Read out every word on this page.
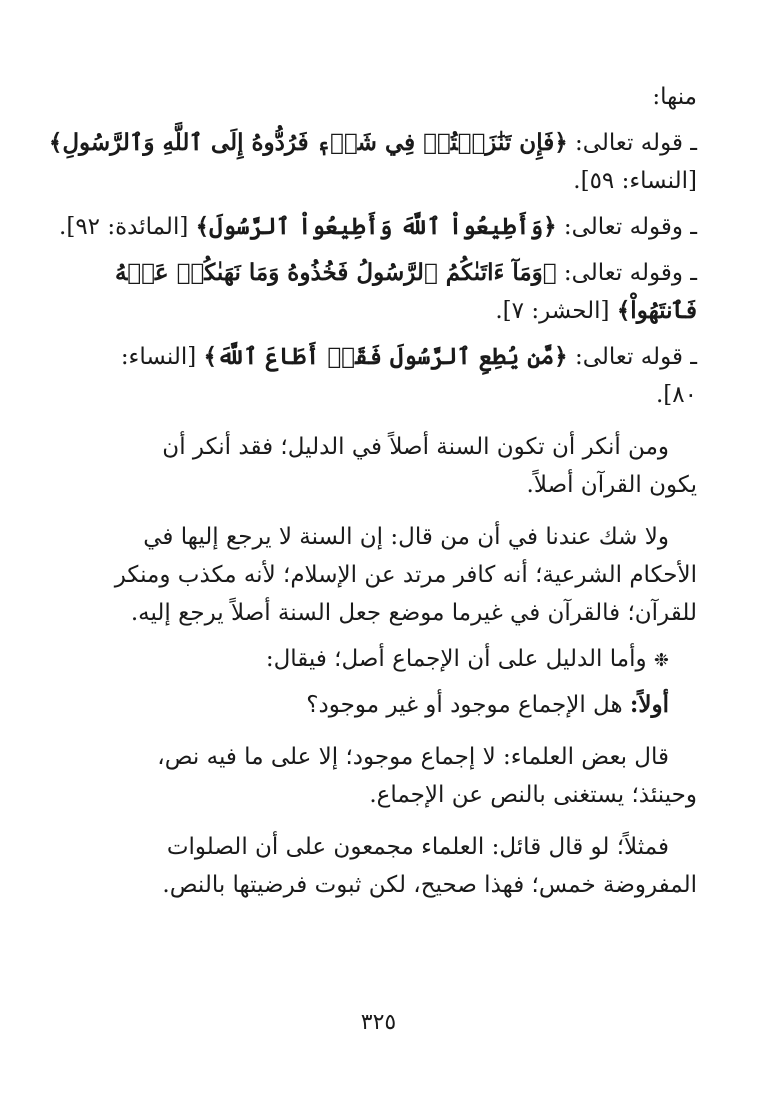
منها:
ـ قوله تعالى: ﴿فَإِن تَنَٰزَعۡتُمۡ فِي شَيۡءٖ فَرُدُّوهُ إِلَى ٱللَّهِ وَٱلرَّسُولِ﴾
[النساء: ٥٩].
ـ وقوله تعالى: ﴿وَأَطِيعُواْ ٱللَّهَ وَأَطِيعُواْ ٱلرَّسُولَ﴾ [المائدة: ٩٢].
ـ وقوله تعالى: ﴿وَمَآ ءَاتَىٰكُمُ ٱلرَّسُولُ فَخُذُوهُ وَمَا نَهَىٰكُمۡ عَنۡهُ
فَٱنتَهُواْ﴾ [الحشر: ٧].
ـ قوله تعالى: ﴿مَّن يُطِعِ ٱلرَّسُولَ فَقَدۡ أَطَاعَ ٱللَّهَ﴾ [النساء:
٨٠].
ومن أنكر أن تكون السنة أصلاً في الدليل؛ فقد أنكر أن
يكون القرآن أصلاً.
ولا شك عندنا في أن من قال: إن السنة لا يرجع إليها في
الأحكام الشرعية؛ أنه كافر مرتد عن الإسلام؛ لأنه مكذب ومنكر
للقرآن؛ فالقرآن في غيرما موضع جعل السنة أصلاً يرجع إليه.
❉ وأما الدليل على أن الإجماع أصل؛ فيقال:
أولاً: هل الإجماع موجود أو غير موجود؟
قال بعض العلماء: لا إجماع موجود؛ إلا على ما فيه نص،
وحينئذ؛ يستغنى بالنص عن الإجماع.
فمثلاً؛ لو قال قائل: العلماء مجمعون على أن الصلوات
المفروضة خمس؛ فهذا صحيح، لكن ثبوت فرضيتها بالنص.
٣٢٥
